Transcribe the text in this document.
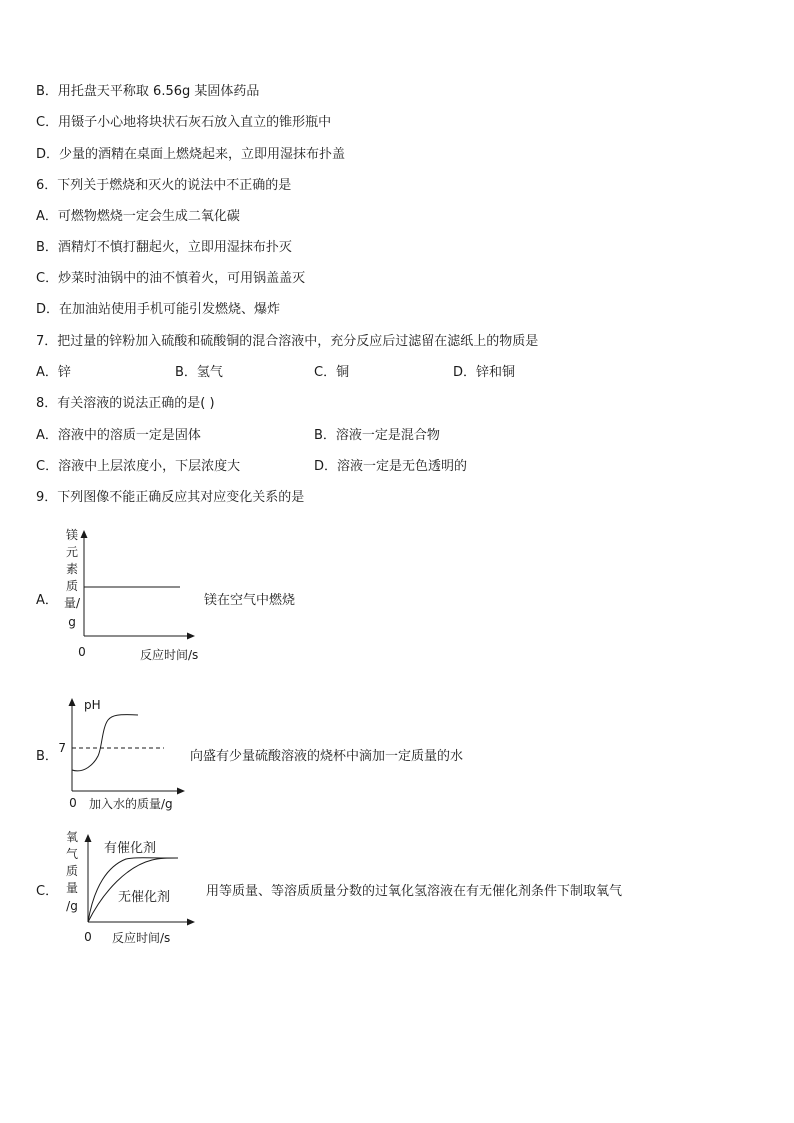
B．用托盘天平称取 6.56g 某固体药品
C．用镊子小心地将块状石灰石放入直立的锥形瓶中
D．少量的酒精在桌面上燃烧起来，立即用湿抹布扑盖
6．下列关于燃烧和灭火的说法中不正确的是
A．可燃物燃烧一定会生成二氧化碳
B．酒精灯不慎打翻起火，立即用湿抹布扑灭
C．炒菜时油锅中的油不慎着火，可用锅盖盖灭
D．在加油站使用手机可能引发燃烧、爆炸
7．把过量的锌粉加入硫酸和硫酸铜的混合溶液中，充分反应后过滤留在滤纸上的物质是
A．锌	B．氢气	C．铜	D．锌和铜
8．有关溶液的说法正确的是( )
A．溶液中的溶质一定是固体	B．溶液一定是混合物
C．溶液中上层浓度小，下层浓度大	D．溶液一定是无色透明的
9．下列图像不能正确反应其对应变化关系的是
A．
镁
元
素
质
量/
g
0	反应时间/s
镁在空气中燃烧
B．
pH
7
0 加入水的质量/g
向盛有少量硫酸溶液的烧杯中滴加一定质量的水
C．
氧
气
质
量
/g
有催化剂
无催化剂
0 反应时间/s
用等质量、等溶质质量分数的过氧化氢溶液在有无催化剂条件下制取氧气
